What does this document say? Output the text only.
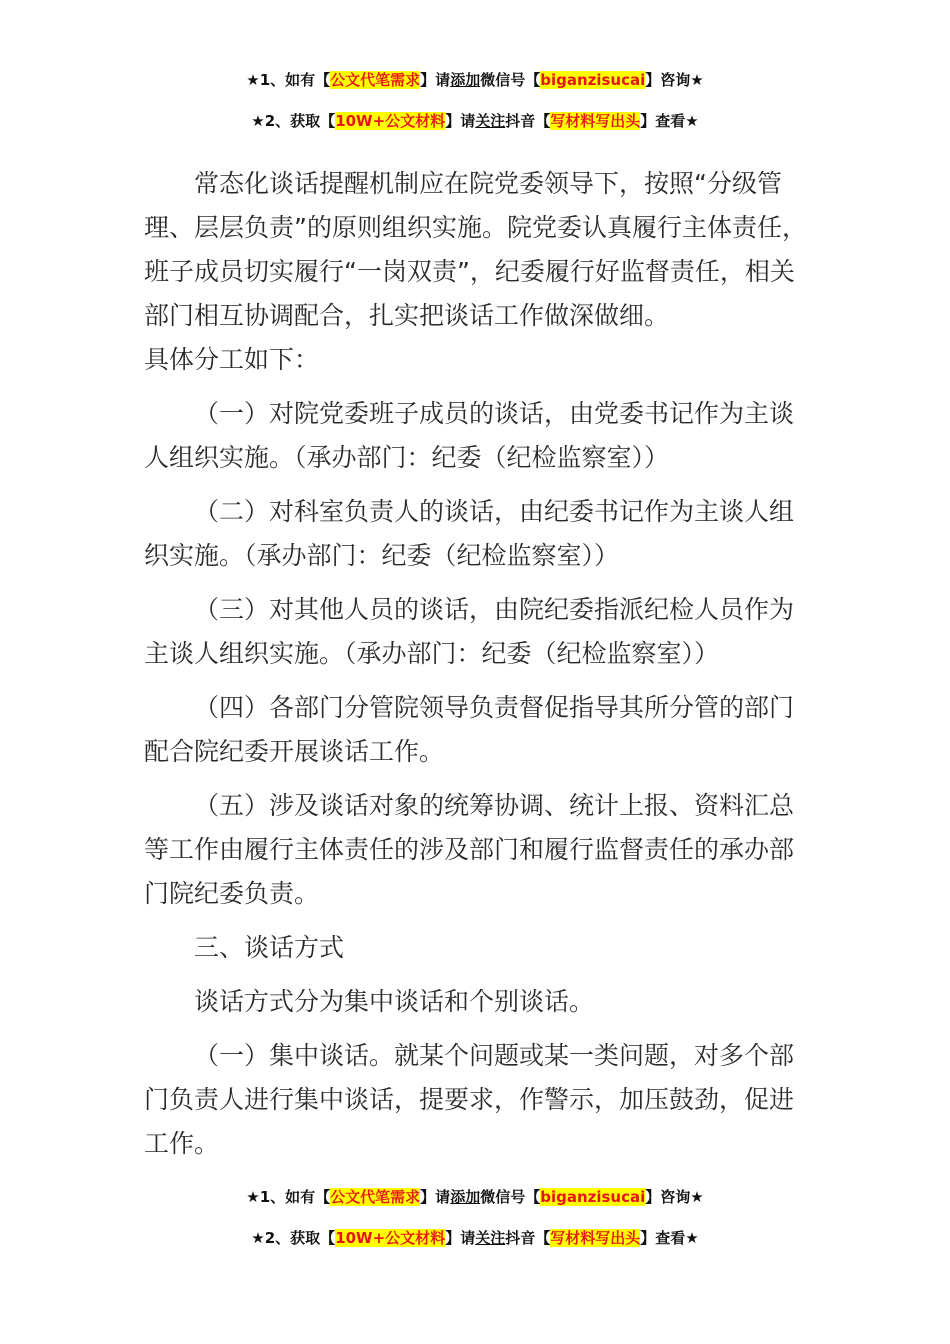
★1、如有【公文代笔需求】请添加微信号【biganzisucai】咨询★
★2、获取【10W+公文材料】请关注抖音【写材料写出头】查看★

常态化谈话提醒机制应在院党委领导下，按照“分级管理、层层负责”的原则组织实施。院党委认真履行主体责任，班子成员切实履行“一岗双责”，纪委履行好监督责任，相关部门相互协调配合，扎实把谈话工作做深做细。

具体分工如下：

（一）对院党委班子成员的谈话，由党委书记作为主谈人组织实施。（承办部门：纪委（纪检监察室））

（二）对科室负责人的谈话，由纪委书记作为主谈人组织实施。（承办部门：纪委（纪检监察室））

（三）对其他人员的谈话，由院纪委指派纪检人员作为主谈人组织实施。（承办部门：纪委（纪检监察室））

（四）各部门分管院领导负责督促指导其所分管的部门配合院纪委开展谈话工作。

（五）涉及谈话对象的统筹协调、统计上报、资料汇总等工作由履行主体责任的涉及部门和履行监督责任的承办部门院纪委负责。

三、谈话方式

谈话方式分为集中谈话和个别谈话。

（一）集中谈话。就某个问题或某一类问题，对多个部门负责人进行集中谈话，提要求，作警示，加压鼓劲，促进工作。

★1、如有【公文代笔需求】请添加微信号【biganzisucai】咨询★
★2、获取【10W+公文材料】请关注抖音【写材料写出头】查看★
